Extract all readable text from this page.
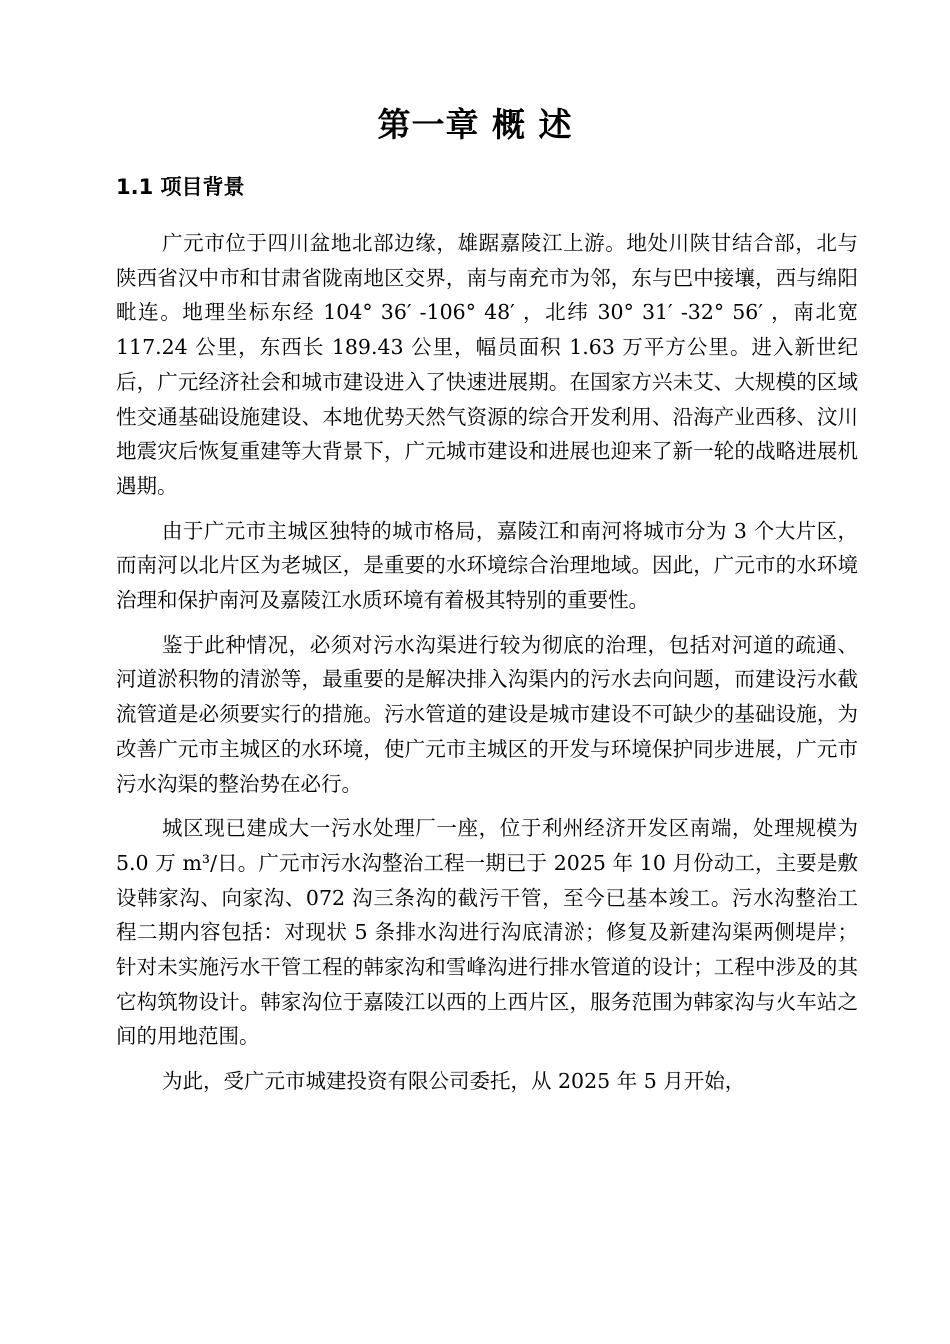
第一章 概 述
1.1 项目背景

广元市位于四川盆地北部边缘，雄踞嘉陵江上游。地处川陕甘结合部，北与陕西省汉中市和甘肃省陇南地区交界，南与南充市为邻，东与巴中接壤，西与绵阳毗连。地理坐标东经 104° 36′ -106° 48′ ，北纬 30° 31′ -32° 56′ ，南北宽 117.24 公里，东西长 189.43 公里，幅员面积 1.63 万平方公里。进入新世纪后，广元经济社会和城市建设进入了快速进展期。在国家方兴未艾、大规模的区域性交通基础设施建设、本地优势天然气资源的综合开发利用、沿海产业西移、汶川地震灾后恢复重建等大背景下，广元城市建设和进展也迎来了新一轮的战略进展机遇期。

由于广元市主城区独特的城市格局，嘉陵江和南河将城市分为 3 个大片区，而南河以北片区为老城区，是重要的水环境综合治理地域。因此，广元市的水环境治理和保护南河及嘉陵江水质环境有着极其特别的重要性。

鉴于此种情况，必须对污水沟渠进行较为彻底的治理，包括对河道的疏通、河道淤积物的清淤等，最重要的是解决排入沟渠内的污水去向问题，而建设污水截流管道是必须要实行的措施。污水管道的建设是城市建设不可缺少的基础设施，为改善广元市主城区的水环境，使广元市主城区的开发与环境保护同步进展，广元市污水沟渠的整治势在必行。

城区现已建成大一污水处理厂一座，位于利州经济开发区南端，处理规模为 5.0 万 m³/日。广元市污水沟整治工程一期已于 2025 年 10 月份动工，主要是敷设韩家沟、向家沟、072 沟三条沟的截污干管，至今已基本竣工。污水沟整治工程二期内容包括：对现状 5 条排水沟进行沟底清淤；修复及新建沟渠两侧堤岸；针对未实施污水干管工程的韩家沟和雪峰沟进行排水管道的设计；工程中涉及的其它构筑物设计。韩家沟位于嘉陵江以西的上西片区，服务范围为韩家沟与火车站之间的用地范围。

为此，受广元市城建投资有限公司委托，从 2025 年 5 月开始，
